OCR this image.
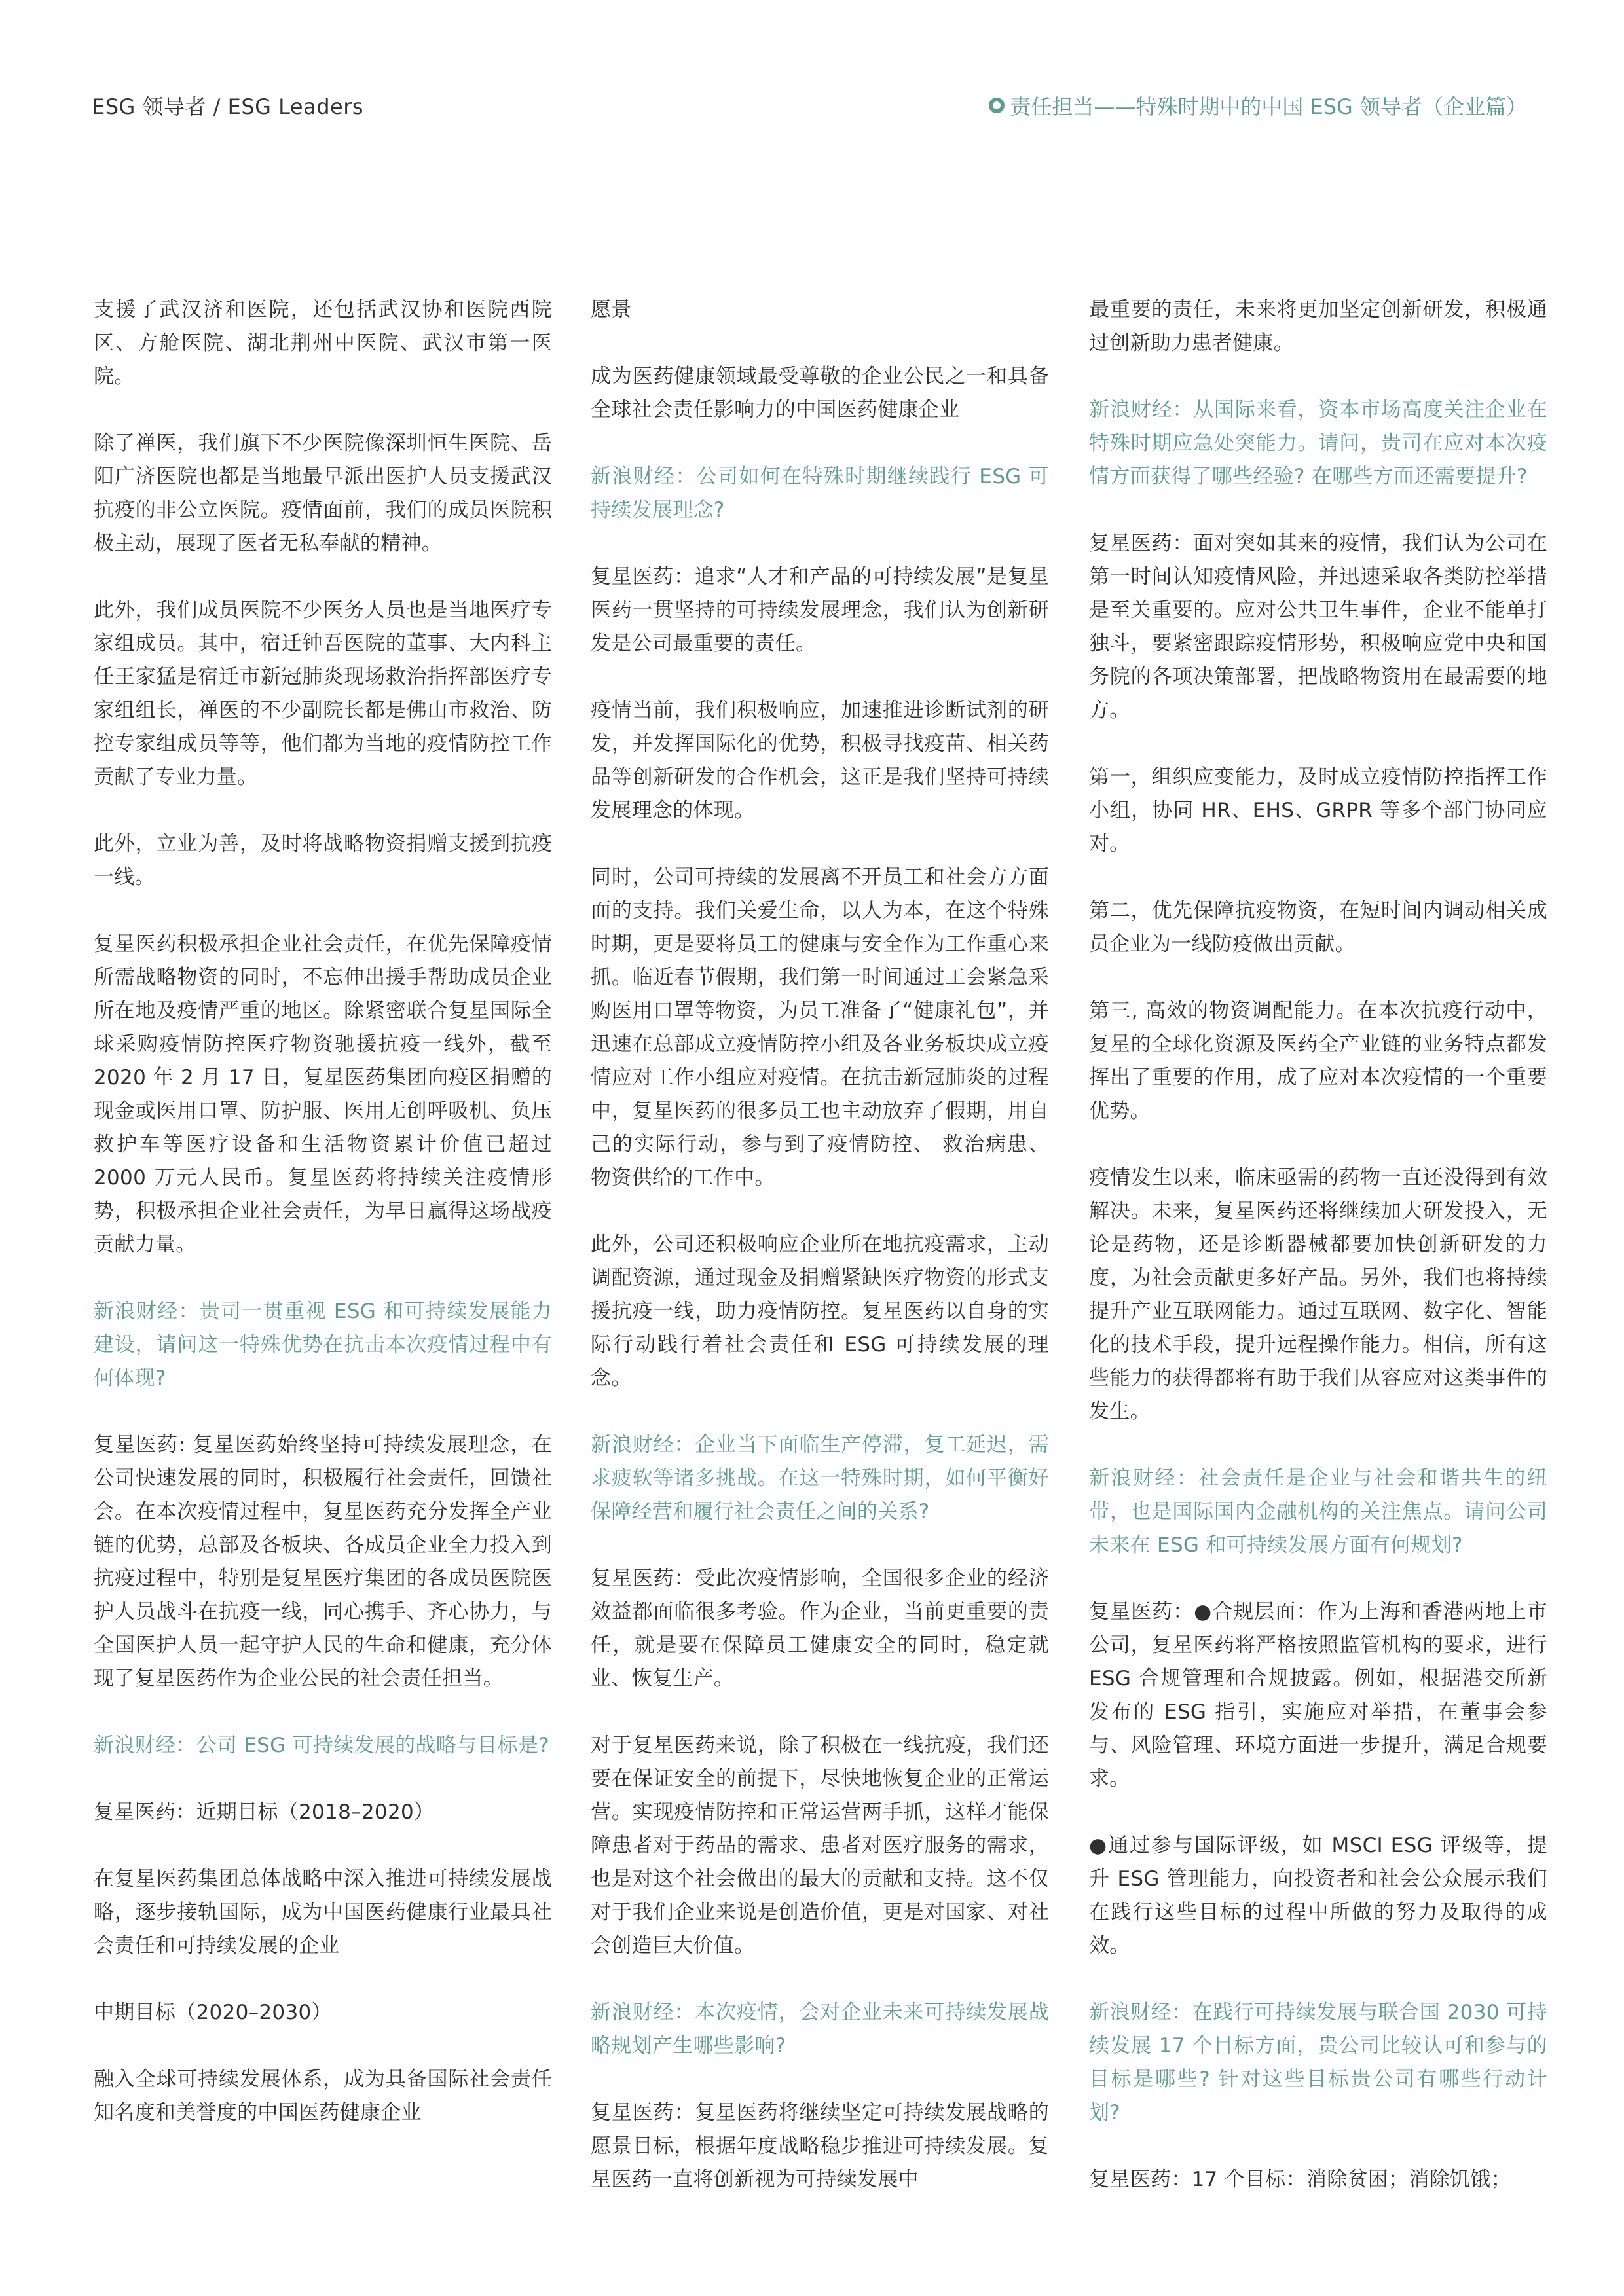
ESG 领导者 / ESG Leaders	责任担当——特殊时期中的中国 ESG 领导者（企业篇）

支援了武汉济和医院，还包括武汉协和医院西院区、方舱医院、湖北荆州中医院、武汉市第一医院。

除了禅医，我们旗下不少医院像深圳恒生医院、岳阳广济医院也都是当地最早派出医护人员支援武汉抗疫的非公立医院。疫情面前，我们的成员医院积极主动，展现了医者无私奉献的精神。

此外，我们成员医院不少医务人员也是当地医疗专家组成员。其中，宿迁钟吾医院的董事、大内科主任王家猛是宿迁市新冠肺炎现场救治指挥部医疗专家组组长，禅医的不少副院长都是佛山市救治、防控专家组成员等等，他们都为当地的疫情防控工作贡献了专业力量。

此外，立业为善，及时将战略物资捐赠支援到抗疫一线。

复星医药积极承担企业社会责任，在优先保障疫情所需战略物资的同时，不忘伸出援手帮助成员企业所在地及疫情严重的地区。除紧密联合复星国际全球采购疫情防控医疗物资驰援抗疫一线外，截至 2020 年 2 月 17 日，复星医药集团向疫区捐赠的现金或医用口罩、防护服、医用无创呼吸机、负压救护车等医疗设备和生活物资累计价值已超过 2000 万元人民币。复星医药将持续关注疫情形势，积极承担企业社会责任，为早日赢得这场战疫贡献力量。

新浪财经：贵司一贯重视 ESG 和可持续发展能力建设，请问这一特殊优势在抗击本次疫情过程中有何体现?

复星医药: 复星医药始终坚持可持续发展理念，在公司快速发展的同时，积极履行社会责任，回馈社会。在本次疫情过程中，复星医药充分发挥全产业链的优势，总部及各板块、各成员企业全力投入到抗疫过程中，特别是复星医疗集团的各成员医院医护人员战斗在抗疫一线，同心携手、齐心协力，与全国医护人员一起守护人民的生命和健康，充分体现了复星医药作为企业公民的社会责任担当。

新浪财经：公司 ESG 可持续发展的战略与目标是?

复星医药：近期目标（2018–2020）

在复星医药集团总体战略中深入推进可持续发展战略，逐步接轨国际，成为中国医药健康行业最具社会责任和可持续发展的企业

中期目标（2020–2030）

融入全球可持续发展体系，成为具备国际社会责任知名度和美誉度的中国医药健康企业

愿景

成为医药健康领域最受尊敬的企业公民之一和具备全球社会责任影响力的中国医药健康企业

新浪财经：公司如何在特殊时期继续践行 ESG 可持续发展理念?

复星医药：追求“人才和产品的可持续发展”是复星医药一贯坚持的可持续发展理念，我们认为创新研发是公司最重要的责任。

疫情当前，我们积极响应，加速推进诊断试剂的研发，并发挥国际化的优势，积极寻找疫苗、相关药品等创新研发的合作机会，这正是我们坚持可持续发展理念的体现。

同时，公司可持续的发展离不开员工和社会方方面面的支持。我们关爱生命，以人为本，在这个特殊时期，更是要将员工的健康与安全作为工作重心来抓。临近春节假期，我们第一时间通过工会紧急采购医用口罩等物资，为员工准备了“健康礼包”，并迅速在总部成立疫情防控小组及各业务板块成立疫情应对工作小组应对疫情。在抗击新冠肺炎的过程中，复星医药的很多员工也主动放弃了假期，用自己的实际行动，参与到了疫情防控、 救治病患、 物资供给的工作中。

此外，公司还积极响应企业所在地抗疫需求，主动调配资源，通过现金及捐赠紧缺医疗物资的形式支援抗疫一线，助力疫情防控。复星医药以自身的实际行动践行着社会责任和 ESG 可持续发展的理念。

新浪财经：企业当下面临生产停滞，复工延迟，需求疲软等诸多挑战。在这一特殊时期，如何平衡好保障经营和履行社会责任之间的关系?

复星医药：受此次疫情影响，全国很多企业的经济效益都面临很多考验。作为企业，当前更重要的责任，就是要在保障员工健康安全的同时，稳定就业、恢复生产。

对于复星医药来说，除了积极在一线抗疫，我们还要在保证安全的前提下，尽快地恢复企业的正常运营。实现疫情防控和正常运营两手抓，这样才能保障患者对于药品的需求、患者对医疗服务的需求，也是对这个社会做出的最大的贡献和支持。这不仅对于我们企业来说是创造价值，更是对国家、对社会创造巨大价值。

新浪财经：本次疫情，会对企业未来可持续发展战略规划产生哪些影响?

复星医药：复星医药将继续坚定可持续发展战略的愿景目标，根据年度战略稳步推进可持续发展。复星医药一直将创新视为可持续发展中

最重要的责任，未来将更加坚定创新研发，积极通过创新助力患者健康。

新浪财经：从国际来看，资本市场高度关注企业在特殊时期应急处突能力。请问，贵司在应对本次疫情方面获得了哪些经验? 在哪些方面还需要提升?

复星医药：面对突如其来的疫情，我们认为公司在第一时间认知疫情风险，并迅速采取各类防控举措是至关重要的。应对公共卫生事件，企业不能单打独斗，要紧密跟踪疫情形势，积极响应党中央和国务院的各项决策部署，把战略物资用在最需要的地方。

第一，组织应变能力，及时成立疫情防控指挥工作小组，协同 HR、EHS、GRPR 等多个部门协同应对。

第二，优先保障抗疫物资，在短时间内调动相关成员企业为一线防疫做出贡献。

第三, 高效的物资调配能力。在本次抗疫行动中，复星的全球化资源及医药全产业链的业务特点都发挥出了重要的作用，成了应对本次疫情的一个重要优势。

疫情发生以来，临床亟需的药物一直还没得到有效解决。未来，复星医药还将继续加大研发投入，无论是药物，还是诊断器械都要加快创新研发的力度，为社会贡献更多好产品。另外，我们也将持续提升产业互联网能力。通过互联网、数字化、智能化的技术手段，提升远程操作能力。相信，所有这些能力的获得都将有助于我们从容应对这类事件的发生。

新浪财经：社会责任是企业与社会和谐共生的纽带，也是国际国内金融机构的关注焦点。请问公司未来在 ESG 和可持续发展方面有何规划?

复星医药：●合规层面：作为上海和香港两地上市公司，复星医药将严格按照监管机构的要求，进行 ESG 合规管理和合规披露。例如，根据港交所新发布的 ESG 指引，实施应对举措，在董事会参与、风险管理、环境方面进一步提升，满足合规要求。

●通过参与国际评级，如 MSCI ESG 评级等，提升 ESG 管理能力，向投资者和社会公众展示我们在践行这些目标的过程中所做的努力及取得的成效。

新浪财经：在践行可持续发展与联合国 2030 可持续发展 17 个目标方面，贵公司比较认可和参与的目标是哪些? 针对这些目标贵公司有哪些行动计划?

复星医药：17 个目标：消除贫困；消除饥饿；
